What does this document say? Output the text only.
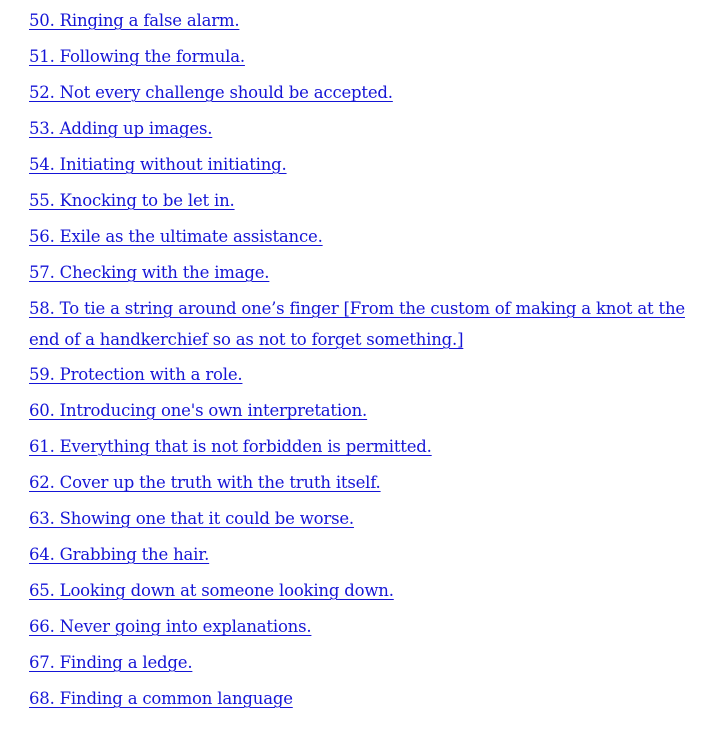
50. Ringing a false alarm.
51. Following the formula.
52. Not every challenge should be accepted.
53. Adding up images.
54. Initiating without initiating.
55. Knocking to be let in.
56. Exile as the ultimate assistance.
57. Checking with the image.
58. To tie a string around one’s finger [From the custom of making a knot at the end of a handkerchief so as not to forget something.]
59. Protection with a role.
60. Introducing one's own interpretation.
61. Everything that is not forbidden is permitted.
62. Cover up the truth with the truth itself.
63. Showing one that it could be worse.
64. Grabbing the hair.
65. Looking down at someone looking down.
66. Never going into explanations.
67. Finding a ledge.
68. Finding a common language
